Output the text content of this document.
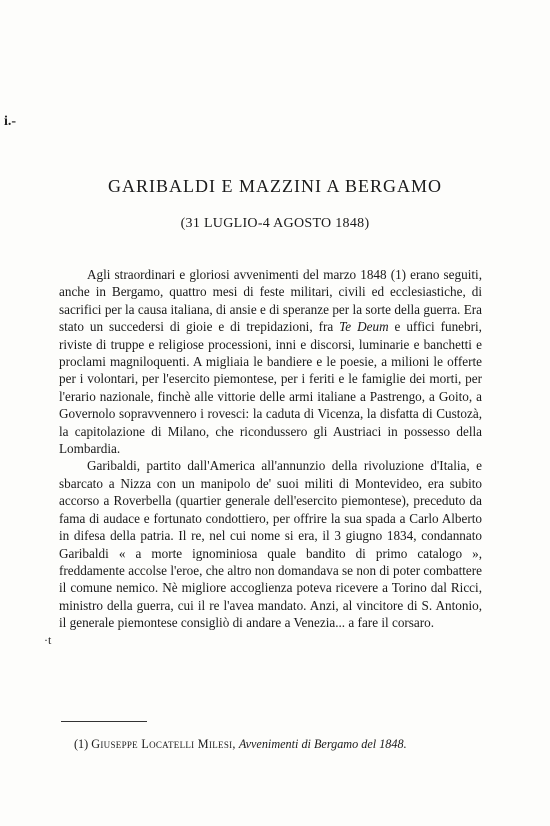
i.-
GARIBALDI E MAZZINI A BERGAMO
(31 LUGLIO-4 AGOSTO 1848)

Agli straordinari e gloriosi avvenimenti del marzo 1848 (1) erano seguiti, anche in Bergamo, quattro mesi di feste militari, civili ed ecclesiastiche, di sacrifici per la causa italiana, di ansie e di speranze per la sorte della guerra. Era stato un succedersi di gioie e di trepidazioni, fra Te Deum e uffici funebri, riviste di truppe e religiose processioni, inni e discorsi, luminarie e banchetti e proclami magniloquenti. A migliaia le bandiere e le poesie, a milioni le offerte per i volontari, per l'esercito piemontese, per i feriti e le famiglie dei morti, per l'erario nazionale, finchè alle vittorie delle armi italiane a Pastrengo, a Goito, a Governolo sopravvennero i rovesci: la caduta di Vicenza, la disfatta di Custozà, la capitolazione di Milano, che ricondussero gli Austriaci in possesso della Lombardia.

Garibaldi, partito dall'America all'annunzio della rivoluzione d'Italia, e sbarcato a Nizza con un manipolo de' suoi militi di Montevideo, era subito accorso a Roverbella (quartier generale dell'esercito piemontese), preceduto da fama di audace e fortunato condottiero, per offrire la sua spada a Carlo Alberto in difesa della patria. Il re, nel cui nome si era, il 3 giugno 1834, condannato Garibaldi « a morte ignominiosa quale bandito di primo catalogo », freddamente accolse l'eroe, che altro non domandava se non di poter combattere il comune nemico. Nè migliore accoglienza poteva ricevere a Torino dal Ricci, ministro della guerra, cui il re l'avea mandato. Anzi, al vincitore di S. Antonio, il generale piemontese consigliò di andare a Venezia... a fare il corsaro.

·t
(1) Giuseppe Locatelli Milesi, Avvenimenti di Bergamo del 1848.
